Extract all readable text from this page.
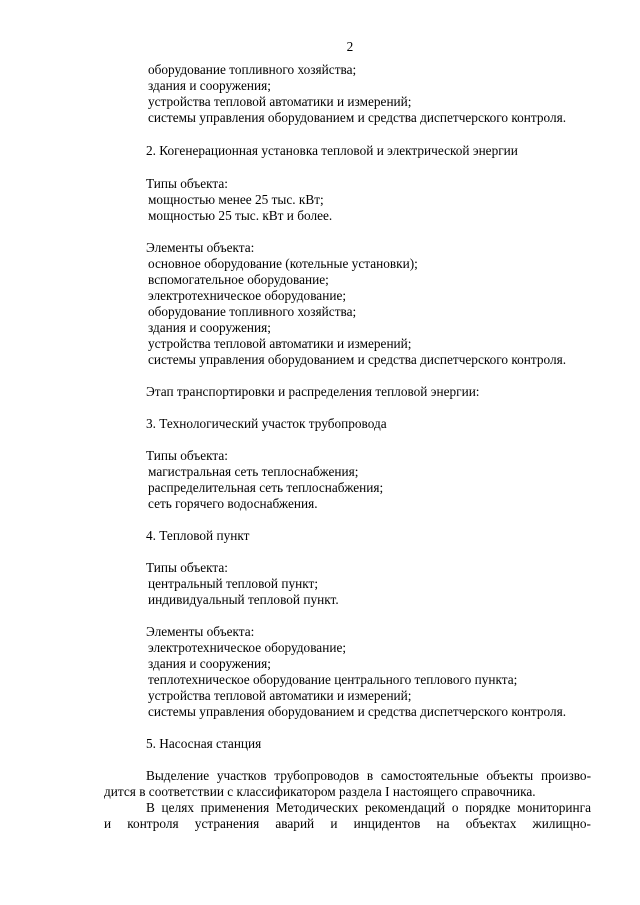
2
оборудование топливного хозяйства;
здания и сооружения;
устройства тепловой автоматики и измерений;
системы управления оборудованием и средства диспетчерского контроля.
2. Когенерационная установка тепловой и электрической энергии
Типы объекта:
мощностью менее 25 тыс. кВт;
мощностью 25 тыс. кВт и более.
Элементы объекта:
основное оборудование (котельные установки);
вспомогательное оборудование;
электротехническое оборудование;
оборудование топливного хозяйства;
здания и сооружения;
устройства тепловой автоматики и измерений;
системы управления оборудованием и средства диспетчерского контроля.
Этап транспортировки и распределения тепловой энергии:
3. Технологический участок трубопровода
Типы объекта:
магистральная сеть теплоснабжения;
распределительная сеть теплоснабжения;
сеть горячего водоснабжения.
4. Тепловой пункт
Типы объекта:
центральный тепловой пункт;
индивидуальный тепловой пункт.
Элементы объекта:
электротехническое оборудование;
здания и сооружения;
теплотехническое оборудование центрального теплового пункта;
устройства тепловой автоматики и измерений;
системы управления оборудованием и средства диспетчерского контроля.
5. Насосная станция
Выделение участков трубопроводов в самостоятельные объекты произво-
дится в соответствии с классификатором раздела I настоящего справочника.
В целях применения Методических рекомендаций о порядке мониторинга
и контроля устранения аварий и инцидентов на объектах жилищно-
